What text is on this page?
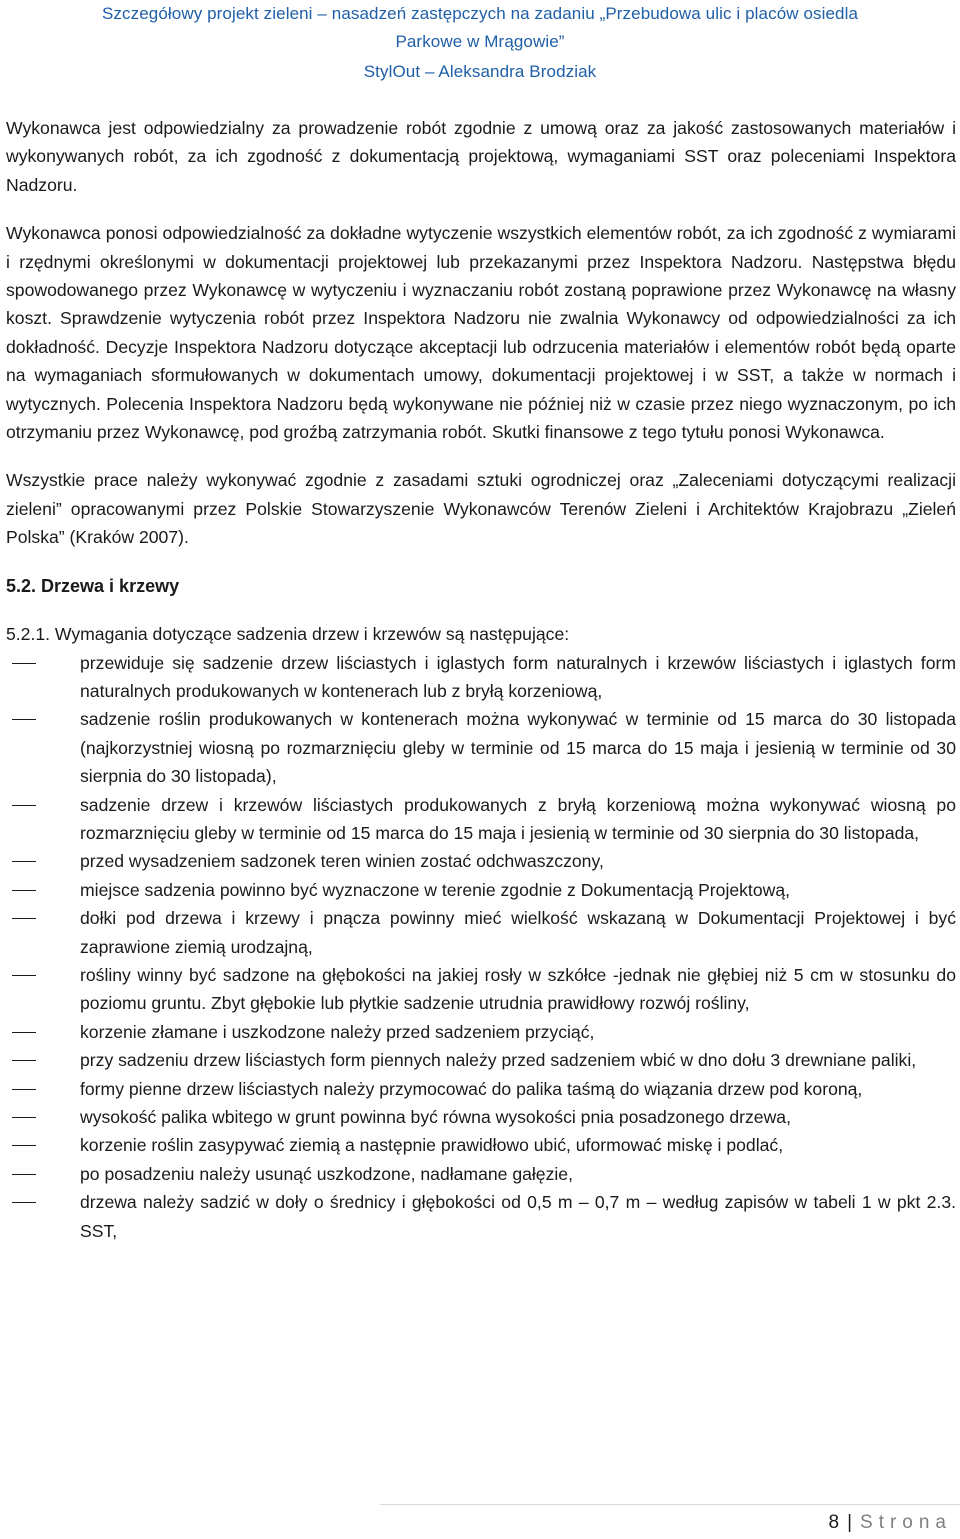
Szczegółowy projekt zieleni – nasadzeń zastępczych na zadaniu „Przebudowa ulic i placów osiedla
Parkowe w Mrągowie”
StylOut – Aleksandra Brodziak

Wykonawca jest odpowiedzialny za prowadzenie robót zgodnie z umową oraz za jakość zastosowanych materiałów i wykonywanych robót, za ich zgodność z dokumentacją projektową, wymaganiami SST oraz poleceniami Inspektora Nadzoru.

Wykonawca ponosi odpowiedzialność za dokładne wytyczenie wszystkich elementów robót, za ich zgodność z wymiarami i rzędnymi określonymi w dokumentacji projektowej lub przekazanymi przez Inspektora Nadzoru. Następstwa błędu spowodowanego przez Wykonawcę w wytyczeniu i wyznaczaniu robót zostaną poprawione przez Wykonawcę na własny koszt. Sprawdzenie wytyczenia robót przez Inspektora Nadzoru nie zwalnia Wykonawcy od odpowiedzialności za ich dokładność. Decyzje Inspektora Nadzoru dotyczące akceptacji lub odrzucenia materiałów i elementów robót będą oparte na wymaganiach sformułowanych w dokumentach umowy, dokumentacji projektowej i w SST, a także w normach i wytycznych. Polecenia Inspektora Nadzoru będą wykonywane nie później niż w czasie przez niego wyznaczonym, po ich otrzymaniu przez Wykonawcę, pod groźbą zatrzymania robót. Skutki finansowe z tego tytułu ponosi Wykonawca.

Wszystkie prace należy wykonywać zgodnie z zasadami sztuki ogrodniczej oraz „Zaleceniami dotyczącymi realizacji zieleni” opracowanymi przez Polskie Stowarzyszenie Wykonawców Terenów Zieleni i Architektów Krajobrazu „Zieleń Polska” (Kraków 2007).

5.2. Drzewa i krzewy

5.2.1. Wymagania dotyczące sadzenia drzew i krzewów są następujące:

przewiduje się sadzenie drzew liściastych i iglastych form naturalnych i krzewów liściastych i iglastych form naturalnych produkowanych w kontenerach lub z bryłą korzeniową,
sadzenie roślin produkowanych w kontenerach można wykonywać w terminie od 15 marca do 30 listopada (najkorzystniej wiosną po rozmarznięciu gleby w terminie od 15 marca do 15 maja i jesienią w terminie od 30 sierpnia do 30 listopada),
sadzenie drzew i krzewów liściastych produkowanych z bryłą korzeniową można wykonywać wiosną po rozmarznięciu gleby w terminie od 15 marca do 15 maja i jesienią w terminie od 30 sierpnia do 30 listopada,
przed wysadzeniem sadzonek teren winien zostać odchwaszczony,
miejsce sadzenia powinno być wyznaczone w terenie zgodnie z Dokumentacją Projektową,
dołki pod drzewa i krzewy i pnącza powinny mieć wielkość wskazaną w Dokumentacji Projektowej i być zaprawione ziemią urodzajną,
rośliny winny być sadzone na głębokości na jakiej rosły w szkółce -jednak nie głębiej niż 5 cm w stosunku do poziomu gruntu. Zbyt głębokie lub płytkie sadzenie utrudnia prawidłowy rozwój rośliny,
korzenie złamane i uszkodzone należy przed sadzeniem przyciąć,
przy sadzeniu drzew liściastych form piennych należy przed sadzeniem wbić w dno dołu 3 drewniane paliki,
formy pienne drzew liściastych należy przymocować do palika taśmą do wiązania drzew pod koroną,
wysokość palika wbitego w grunt powinna być równa wysokości pnia posadzonego drzewa,
korzenie roślin zasypywać ziemią a następnie prawidłowo ubić, uformować miskę i podlać,
po posadzeniu należy usunąć uszkodzone, nadłamane gałęzie,
drzewa należy sadzić w doły o średnicy i głębokości od 0,5 m – 0,7 m – według zapisów w tabeli 1 w pkt 2.3. SST,
8 | Strona
